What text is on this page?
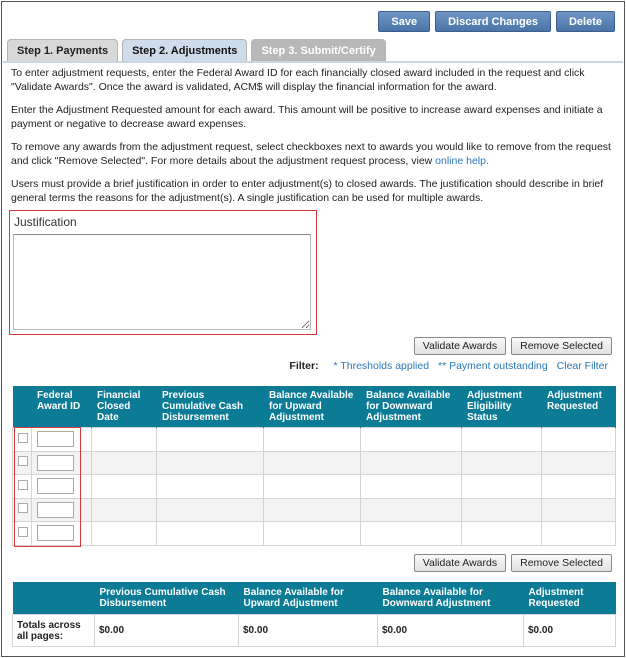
Save	Discard Changes	Delete
Step 1. Payments	Step 2. Adjustments	Step 3. Submit/Certify

To enter adjustment requests, enter the Federal Award ID for each financially closed award included in the request and click "Validate Awards". Once the award is validated, ACM$ will display the financial information for the award.

Enter the Adjustment Requested amount for each award. This amount will be positive to increase award expenses and initiate a payment or negative to decrease award expenses.

To remove any awards from the adjustment request, select checkboxes next to awards you would like to remove from the request and click "Remove Selected". For more details about the adjustment request process, view online help.

Users must provide a brief justification in order to enter adjustment(s) to closed awards. The justification should describe in brief general terms the reasons for the adjustment(s). A single justification can be used for multiple awards.

Justification
Validate Awards	Remove Selected
Filter: * Thresholds applied ** Payment outstanding Clear Filter
	Federal Award ID	Financial Closed Date	Previous Cumulative Cash Disbursement	Balance Available for Upward Adjustment	Balance Available for Downward Adjustment	Adjustment Eligibility Status	Adjustment Requested

Validate Awards	Remove Selected
	Previous Cumulative Cash Disbursement	Balance Available for Upward Adjustment	Balance Available for Downward Adjustment	Adjustment Requested
Totals across all pages:	$0.00	$0.00	$0.00	$0.00
